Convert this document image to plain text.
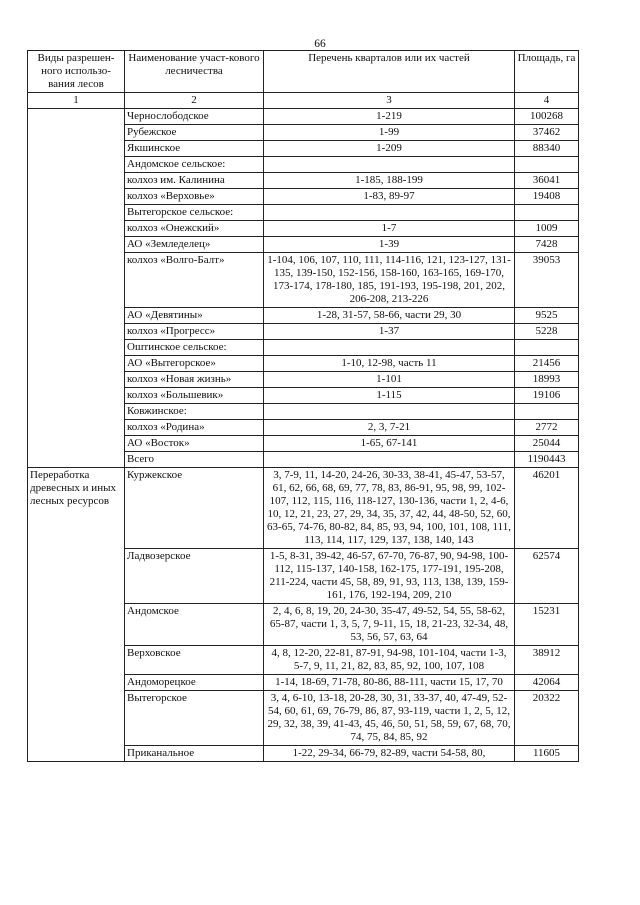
66
Виды разрешен-ного использо-вания лесов	Наименование участ-кового лесничества	Перечень кварталов или их частей	Площадь, га
1	2	3	4
	Чернослободское	1-219	100268
	Рубежское	1-99	37462
	Якшинское	1-209	88340
	Андомское сельское:		
	колхоз им. Калинина	1-185, 188-199	36041
	колхоз «Верховье»	1-83, 89-97	19408
	Вытегорское сельское:		
	колхоз «Онежский»	1-7	1009
	АО «Земледелец»	1-39	7428
	колхоз «Волго-Балт»	1-104, 106, 107, 110, 111, 114-116, 121, 123-127, 131-135, 139-150, 152-156, 158-160, 163-165, 169-170, 173-174, 178-180, 185, 191-193, 195-198, 201, 202, 206-208, 213-226	39053
	АО «Девятины»	1-28, 31-57, 58-66, части 29, 30	9525
	колхоз «Прогресс»	1-37	5228
	Оштинское сельское:		
	АО «Вытегорское»	1-10, 12-98, часть 11	21456
	колхоз «Новая жизнь»	1-101	18993
	колхоз «Большевик»	1-115	19106
	Ковжинское:		
	колхоз «Родина»	2, 3, 7-21	2772
	АО «Восток»	1-65, 67-141	25044
	Всего		1190443
Переработка древесных и иных лесных ресурсов	Куржекское	3, 7-9, 11, 14-20, 24-26, 30-33, 38-41, 45-47, 53-57, 61, 62, 66, 68, 69, 77, 78, 83, 86-91, 95, 98, 99, 102-107, 112, 115, 116, 118-127, 130-136, части 1, 2, 4-6, 10, 12, 21, 23, 27, 29, 34, 35, 37, 42, 44, 48-50, 52, 60, 63-65, 74-76, 80-82, 84, 85, 93, 94, 100, 101, 108, 111, 113, 114, 117, 129, 137, 138, 140, 143	46201
	Ладвозерское	1-5, 8-31, 39-42, 46-57, 67-70, 76-87, 90, 94-98, 100-112, 115-137, 140-158, 162-175, 177-191, 195-208, 211-224, части 45, 58, 89, 91, 93, 113, 138, 139, 159-161, 176, 192-194, 209, 210	62574
	Андомское	2, 4, 6, 8, 19, 20, 24-30, 35-47, 49-52, 54, 55, 58-62, 65-87, части 1, 3, 5, 7, 9-11, 15, 18, 21-23, 32-34, 48, 53, 56, 57, 63, 64	15231
	Верховское	4, 8, 12-20, 22-81, 87-91, 94-98, 101-104, части 1-3, 5-7, 9, 11, 21, 82, 83, 85, 92, 100, 107, 108	38912
	Андоморецкое	1-14, 18-69, 71-78, 80-86, 88-111, части 15, 17, 70	42064
	Вытегорское	3, 4, 6-10, 13-18, 20-28, 30, 31, 33-37, 40, 47-49, 52-54, 60, 61, 69, 76-79, 86, 87, 93-119, части 1, 2, 5, 12, 29, 32, 38, 39, 41-43, 45, 46, 50, 51, 58, 59, 67, 68, 70, 74, 75, 84, 85, 92	20322
	Приканальное	1-22, 29-34, 66-79, 82-89, части 54-58, 80,	11605
